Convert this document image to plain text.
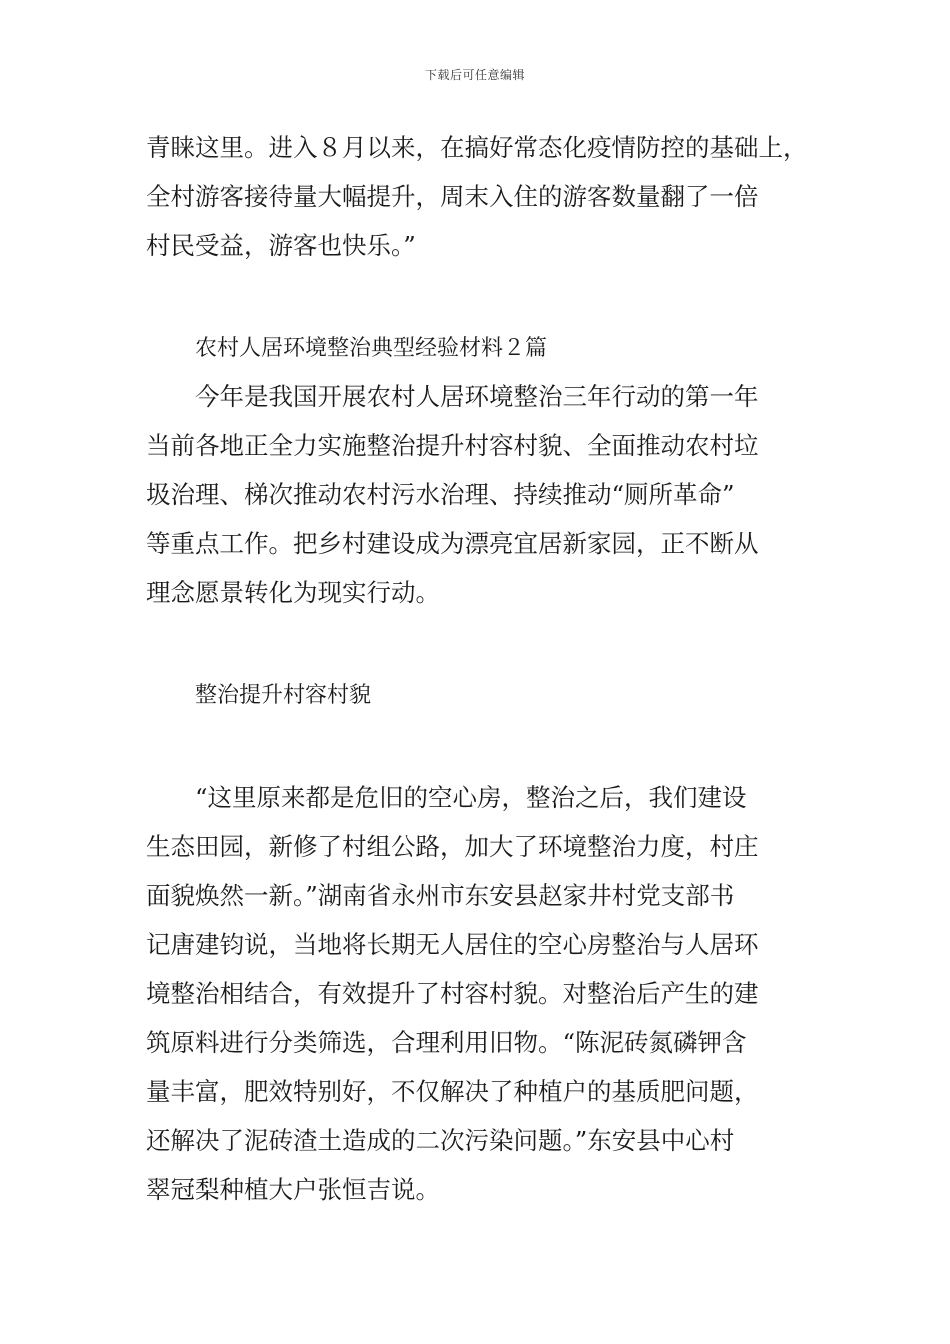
下载后可任意编辑
青睐这里。进入８月以来，在搞好常态化疫情防控的基础上，
全村游客接待量大幅提升，周末入住的游客数量翻了一倍
村民受益，游客也快乐。”
农村人居环境整治典型经验材料２篇
今年是我国开展农村人居环境整治三年行动的第一年
当前各地正全力实施整治提升村容村貌、全面推动农村垃
圾治理、梯次推动农村污水治理、持续推动“厕所革命”
等重点工作。把乡村建设成为漂亮宜居新家园，正不断从
理念愿景转化为现实行动。
整治提升村容村貌
“这里原来都是危旧的空心房，整治之后，我们建设
生态田园，新修了村组公路，加大了环境整治力度，村庄
面貌焕然一新。”湖南省永州市东安县赵家井村党支部书
记唐建钧说，当地将长期无人居住的空心房整治与人居环
境整治相结合，有效提升了村容村貌。对整治后产生的建
筑原料进行分类筛选，合理利用旧物。“陈泥砖氮磷钾含
量丰富，肥效特别好，不仅解决了种植户的基质肥问题，
还解决了泥砖渣土造成的二次污染问题。”东安县中心村
翠冠梨种植大户张恒吉说。
